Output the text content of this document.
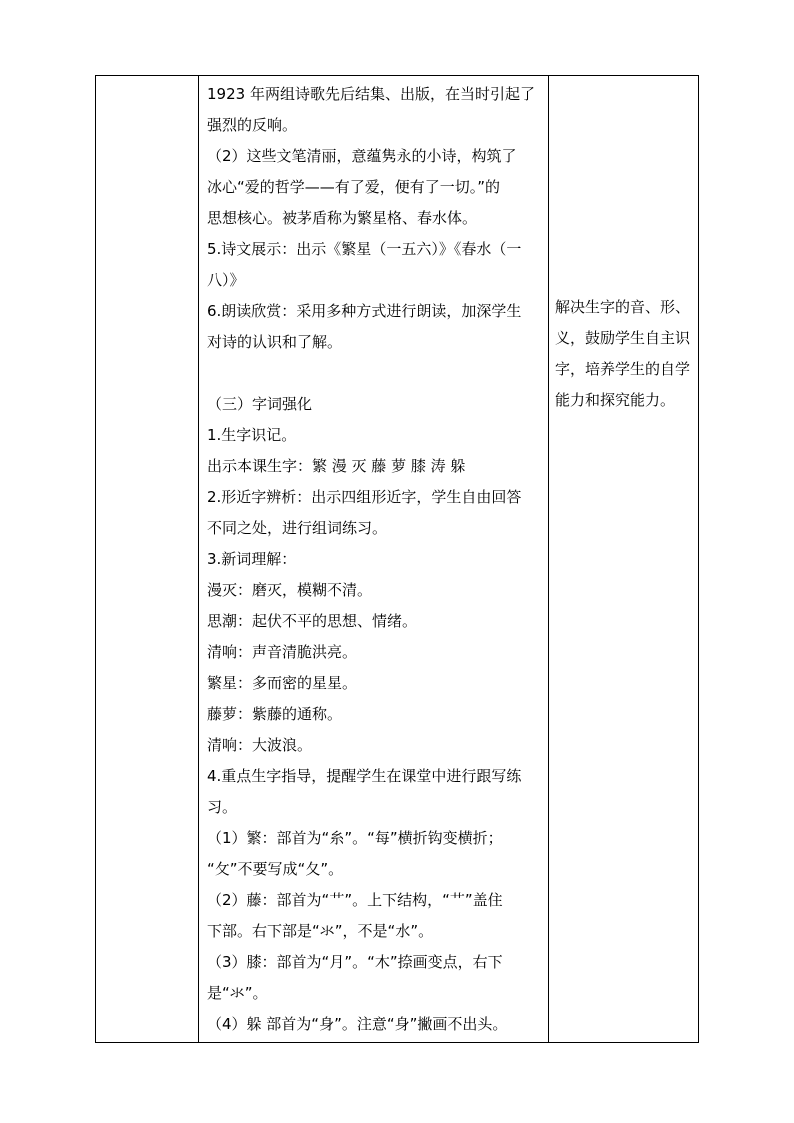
1923 年两组诗歌先后结集、出版，在当时引起了
强烈的反响。
（2）这些文笔清丽，意蕴隽永的小诗，构筑了
冰心“爱的哲学——有了爱，便有了一切。”的
思想核心。被茅盾称为繁星格、春水体。
5.诗文展示：出示《繁星（一五六）》《春水（一
八）》
6.朗读欣赏：采用多种方式进行朗读，加深学生
对诗的认识和了解。
（三）字词强化
1.生字识记。
出示本课生字：繁 漫 灭 藤 萝 膝 涛 躲
2.形近字辨析：出示四组形近字，学生自由回答
不同之处，进行组词练习。
3.新词理解：
漫灭：磨灭，模糊不清。
思潮：起伏不平的思想、情绪。
清响：声音清脆洪亮。
繁星：多而密的星星。
藤萝：紫藤的通称。
清响：大波浪。
4.重点生字指导，提醒学生在课堂中进行跟写练
习。
（1）繁：部首为“糸”。“每”横折钩变横折；
“攵”不要写成“夂”。
（2）藤：部首为“艹”。上下结构，“艹”盖住
下部。右下部是“氺”，不是“水”。
（3）膝：部首为“月”。“木”捺画变点，右下
是“氺”。
（4）躲 部首为“身”。注意“身”撇画不出头。
解决生字的音、形、
义，鼓励学生自主识
字，培养学生的自学
能力和探究能力。
